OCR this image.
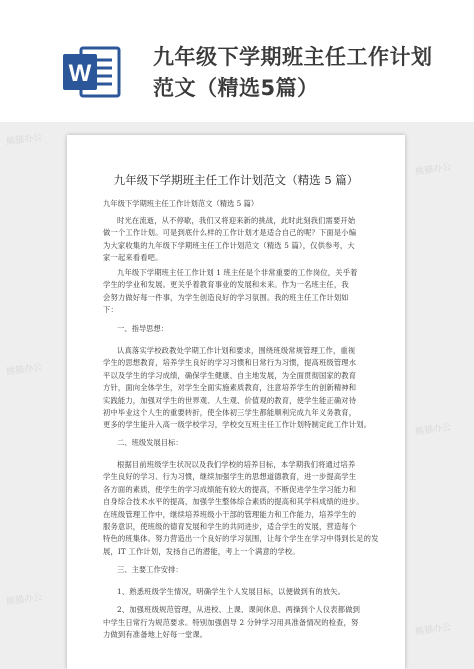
W
九年级下学期班主任工作计划
范文（精选5篇）
熊猫办公
熊猫办公
熊猫办公
熊猫办公
熊猫办公
熊猫办公
九年级下学期班主任工作计划范文（精选 5 篇）
九年级下学期班主任工作计划范文（精选 5 篇）
时光在流逝，从不停歇，我们又将迎来新的挑战，此时此刻我们需要开始
做一个工作计划。可是到底什么样的工作计划才是适合自己的呢？下面是小编
为大家收集的九年级下学期班主任工作计划范文（精选 5 篇），仅供参考，大
家一起来看看吧。
九年级下学期班主任工作计划 1 班主任是个非常重要的工作岗位，关乎着
学生的学业和发展。更关乎着教育事业的发展和未来。作为一名班主任，我
会努力做好每一件事，为学生创造良好的学习氛围。我的班主任工作计划如
下：
一、指导思想：
认真落实学校政教处学期工作计划和要求，围绕班级常规管理工作，重视
学生的思想教育，培养学生良好的学习习惯和日常行为习惯，提高班级管理水
平以及学生的学习成绩，确保学生健康、自主地发展，为全面贯彻国家的教育
方针，面向全体学生，对学生全面实施素质教育，注意培养学生的创新精神和
实践能力，加强对学生的世界观、人生观、价值观的教育，使学生能正确对待
初中毕业这个人生的重要转折，使全体初三学生都能顺利完成九年义务教育，
更多的学生能升入高一级学校学习，学校交互班主任工作计划特制定此工作计划。
二、班级发展目标：
根据目前班级学生状况以及我们学校的培养目标，本学期我们将通过培养
学生良好的学习、行为习惯，继续加强学生的思想道德教育，进一步提高学生
各方面的素质，使学生的学习成绩能有较大的提高，不断促进学生学习能力和
自身综合技术水平的提高，加强学生整体综合素质的提高和其学科成绩的进步。
在班级管理工作中，继续培养班级小干部的管理能力和工作能力，培养学生的
服务意识，使班级的德育发展和学生的共同进步，适合学生的发展，营造每个
特色的班集体。努力营造出一个良好的学习氛围，让每个学生在学习中得到长足的发
展，IT 工作计划，发扬自己的潜能，考上一个满意的学校。
三、主要工作安排：
1、熟悉班级学生情况，明确学生个人发展目标，以便做到有的放矢。
2、加强班级规范管理，从进校、上课、课间休息、两操到个人仪表都做到
中学生日常行为规范要求。特别加强倡导 2 分钟学习用具准备情况的检查，努
力做到有准备地上好每一堂课。
